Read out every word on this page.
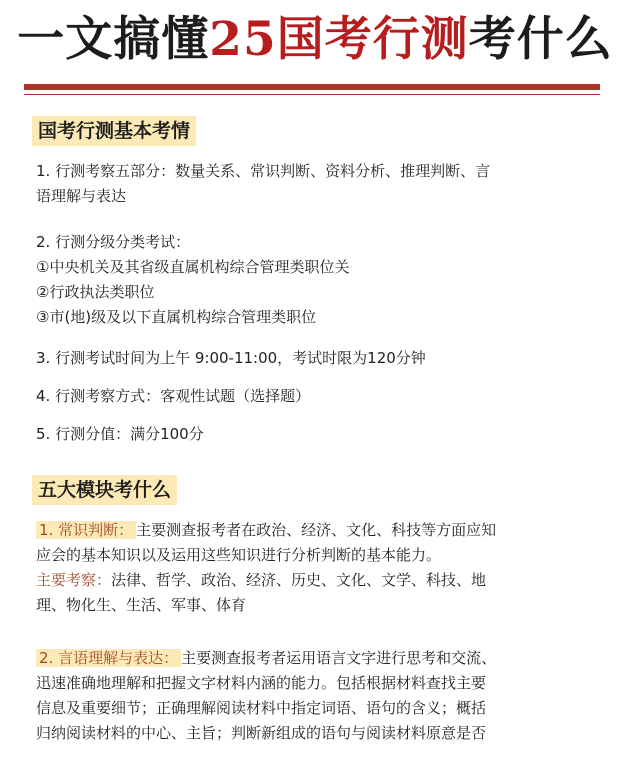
一文搞懂25国考行测考什么
国考行测基本考情
1. 行测考察五部分：数量关系、常识判断、资料分析、推理判断、言
语理解与表达
2. 行测分级分类考试：
①中央机关及其省级直属机构综合管理类职位关
②行政执法类职位
③市(地)级及以下直属机构综合管理类职位
3. 行测考试时间为上午 9:00-11:00，考试时限为120分钟
4. 行测考察方式：客观性试题（选择题）
5. 行测分值：满分100分
五大模块考什么
1. 常识判断： 主要测查报考者在政治、经济、文化、科技等方面应知
应会的基本知识以及运用这些知识进行分析判断的基本能力。
主要考察：法律、哲学、政治、经济、历史、文化、文学、科技、地
理、物化生、生活、军事、体育
2. 言语理解与表达： 主要测查报考者运用语言文字进行思考和交流、
迅速准确地理解和把握文字材料内涵的能力。包括根据材料查找主要
信息及重要细节；正确理解阅读材料中指定词语、语句的含义；概括
归纳阅读材料的中心、主旨；判断新组成的语句与阅读材料原意是否
